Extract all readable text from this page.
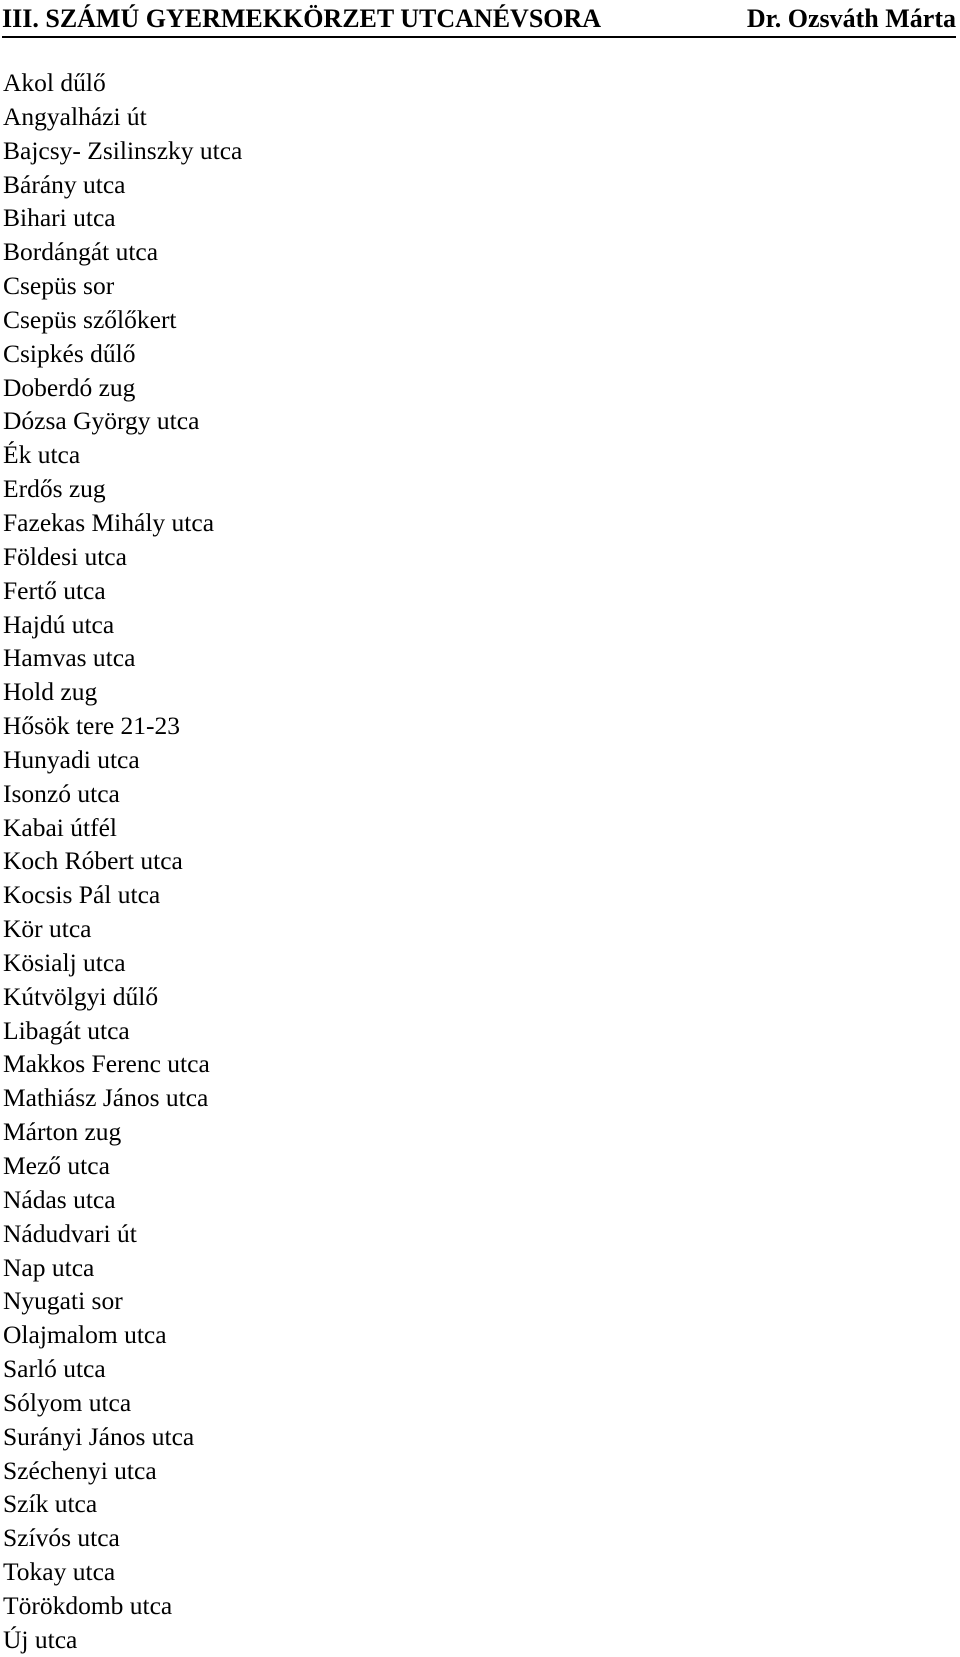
III. SZÁMÚ GYERMEKKÖRZET UTCANÉVSORA	Dr. Ozsváth Márta
Akol dűlő
Angyalházi út
Bajcsy- Zsilinszky utca
Bárány utca
Bihari utca
Bordángát utca
Csepüs sor
Csepüs szőlőkert
Csipkés dűlő
Doberdó zug
Dózsa György utca
Ék utca
Erdős zug
Fazekas Mihály utca
Földesi utca
Fertő utca
Hajdú utca
Hamvas utca
Hold zug
Hősök tere 21-23
Hunyadi utca
Isonzó utca
Kabai útfél
Koch Róbert utca
Kocsis Pál utca
Kör utca
Kösialj utca
Kútvölgyi dűlő
Libagát utca
Makkos Ferenc utca
Mathiász János utca
Márton zug
Mező utca
Nádas utca
Nádudvari út
Nap utca
Nyugati sor
Olajmalom utca
Sarló utca
Sólyom utca
Surányi János utca
Széchenyi utca
Szík utca
Szívós utca
Tokay utca
Törökdomb utca
Új utca
